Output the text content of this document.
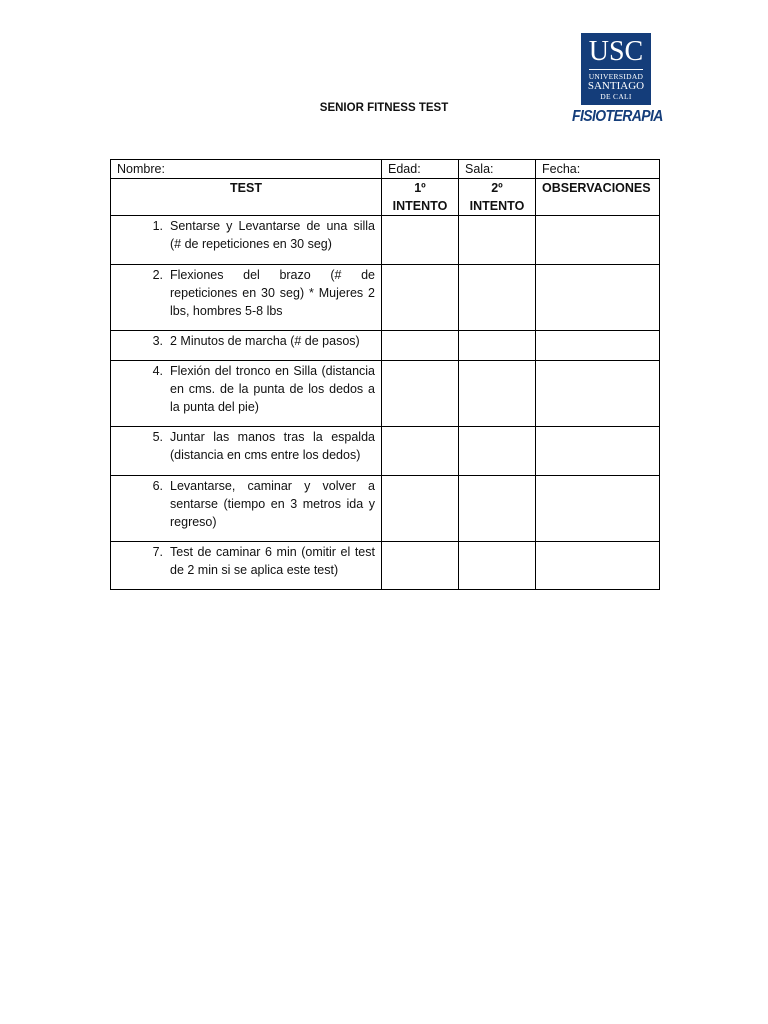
USC
UNIVERSIDAD
SANTIAGO
DE CALI
FISIOTERAPIA
SENIOR FITNESS TEST
Nombre:	Edad:	Sala:	Fecha:
TEST	1º INTENTO	2º INTENTO	OBSERVACIONES

1. Sentarse y Levantarse de una silla (# de repeticiones en 30 seg)			

2. Flexiones del brazo (# de repeticiones en 30 seg) * Mujeres 2 lbs, hombres 5-8 lbs			

3. 2 Minutos de marcha (# de pasos)			

4. Flexión del tronco en Silla (distancia en cms. de la punta de los dedos a la punta del pie)			

5. Juntar las manos tras la espalda (distancia en cms entre los dedos)			

6. Levantarse, caminar y volver a sentarse (tiempo en 3 metros ida y regreso)			

7. Test de caminar 6 min (omitir el test de 2 min si se aplica este test)			
